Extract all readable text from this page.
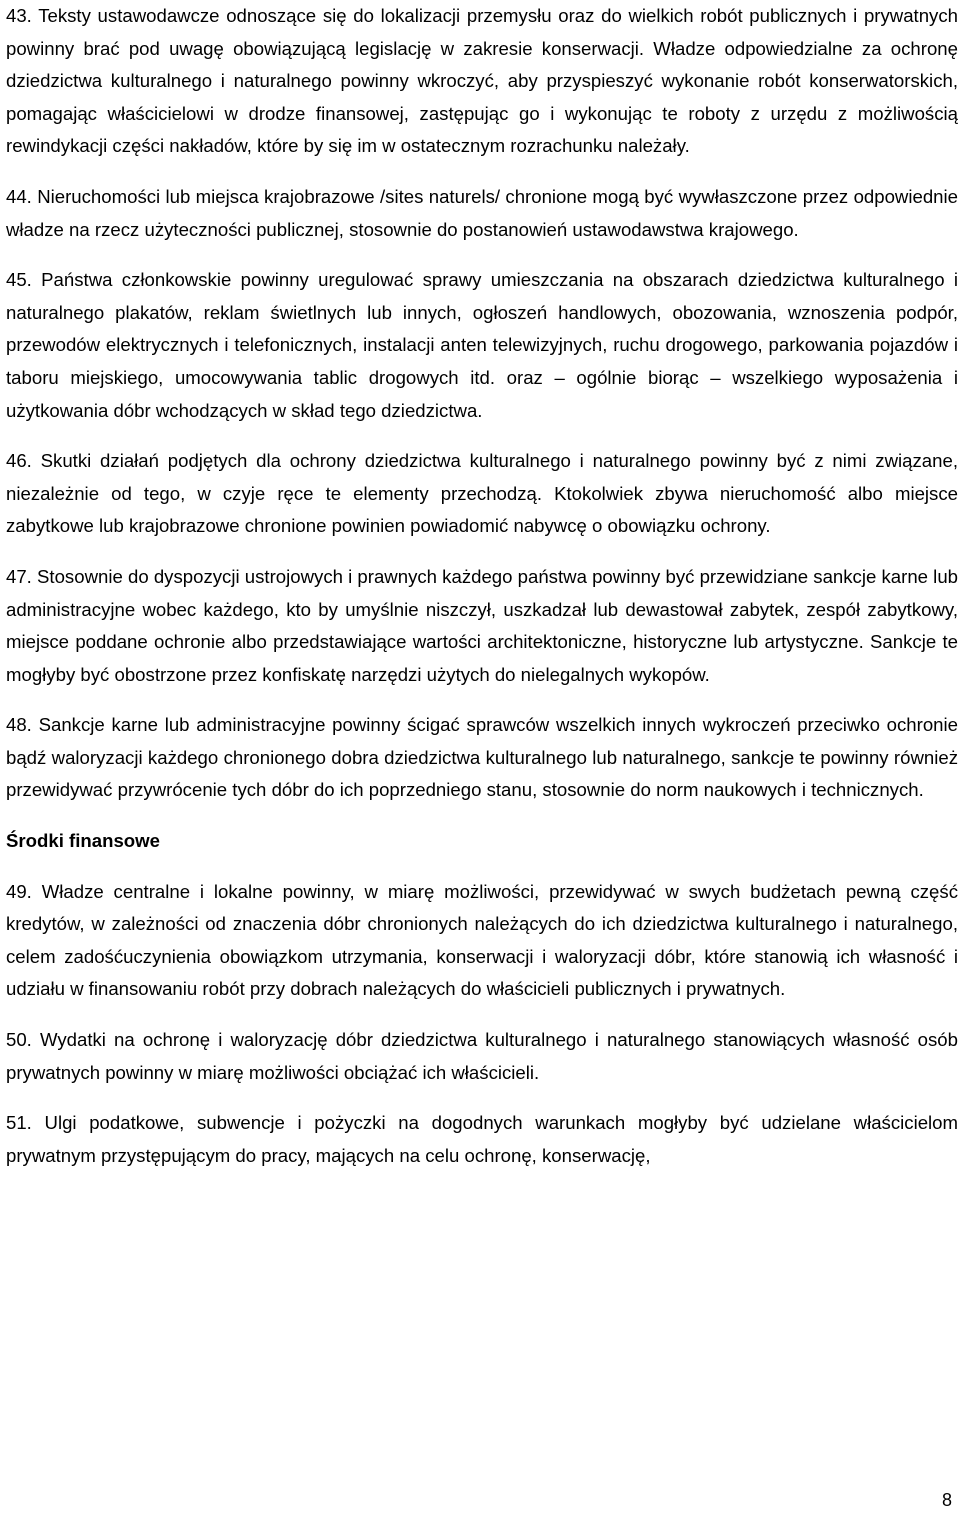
43. Teksty ustawodawcze odnoszące się do lokalizacji przemysłu oraz do wielkich robót publicznych i prywatnych powinny brać pod uwagę obowiązującą legislację w zakresie konserwacji. Władze odpowiedzialne za ochronę dziedzictwa kulturalnego i naturalnego powinny wkroczyć, aby przyspieszyć wykonanie robót konserwatorskich, pomagając właścicielowi w drodze finansowej, zastępując go i wykonując te roboty z urzędu z możliwością rewindykacji części nakładów, które by się im w ostatecznym rozrachunku należały.

44. Nieruchomości lub miejsca krajobrazowe /sites naturels/ chronione mogą być wywłaszczone przez odpowiednie władze na rzecz użyteczności publicznej, stosownie do postanowień ustawodawstwa krajowego.

45. Państwa członkowskie powinny uregulować sprawy umieszczania na obszarach dziedzictwa kulturalnego i naturalnego plakatów, reklam świetlnych lub innych, ogłoszeń handlowych, obozowania, wznoszenia podpór, przewodów elektrycznych i telefonicznych, instalacji anten telewizyjnych, ruchu drogowego, parkowania pojazdów i taboru miejskiego, umocowywania tablic drogowych itd. oraz – ogólnie biorąc – wszelkiego wyposażenia i użytkowania dóbr wchodzących w skład tego dziedzictwa.

46. Skutki działań podjętych dla ochrony dziedzictwa kulturalnego i naturalnego powinny być z nimi związane, niezależnie od tego, w czyje ręce te elementy przechodzą. Ktokolwiek zbywa nieruchomość albo miejsce zabytkowe lub krajobrazowe chronione powinien powiadomić nabywcę o obowiązku ochrony.

47. Stosownie do dyspozycji ustrojowych i prawnych każdego państwa powinny być przewidziane sankcje karne lub administracyjne wobec każdego, kto by umyślnie niszczył, uszkadzał lub dewastował zabytek, zespół zabytkowy, miejsce poddane ochronie albo przedstawiające wartości architektoniczne, historyczne lub artystyczne. Sankcje te mogłyby być obostrzone przez konfiskatę narzędzi użytych do nielegalnych wykopów.

48. Sankcje karne lub administracyjne powinny ścigać sprawców wszelkich innych wykroczeń przeciwko ochronie bądź waloryzacji każdego chronionego dobra dziedzictwa kulturalnego lub naturalnego, sankcje te powinny również przewidywać przywrócenie tych dóbr do ich poprzedniego stanu, stosownie do norm naukowych i technicznych.

Środki finansowe

49. Władze centralne i lokalne powinny, w miarę możliwości, przewidywać w swych budżetach pewną część kredytów, w zależności od znaczenia dóbr chronionych należących do ich dziedzictwa kulturalnego i naturalnego, celem zadośćuczynienia obowiązkom utrzymania, konserwacji i waloryzacji dóbr, które stanowią ich własność i udziału w finansowaniu robót przy dobrach należących do właścicieli publicznych i prywatnych.

50. Wydatki na ochronę i waloryzację dóbr dziedzictwa kulturalnego i naturalnego stanowiących własność osób prywatnych powinny w miarę możliwości obciążać ich właścicieli.

51. Ulgi podatkowe, subwencje i pożyczki na dogodnych warunkach mogłyby być udzielane właścicielom prywatnym przystępującym do pracy, mających na celu ochronę, konserwację,

8
